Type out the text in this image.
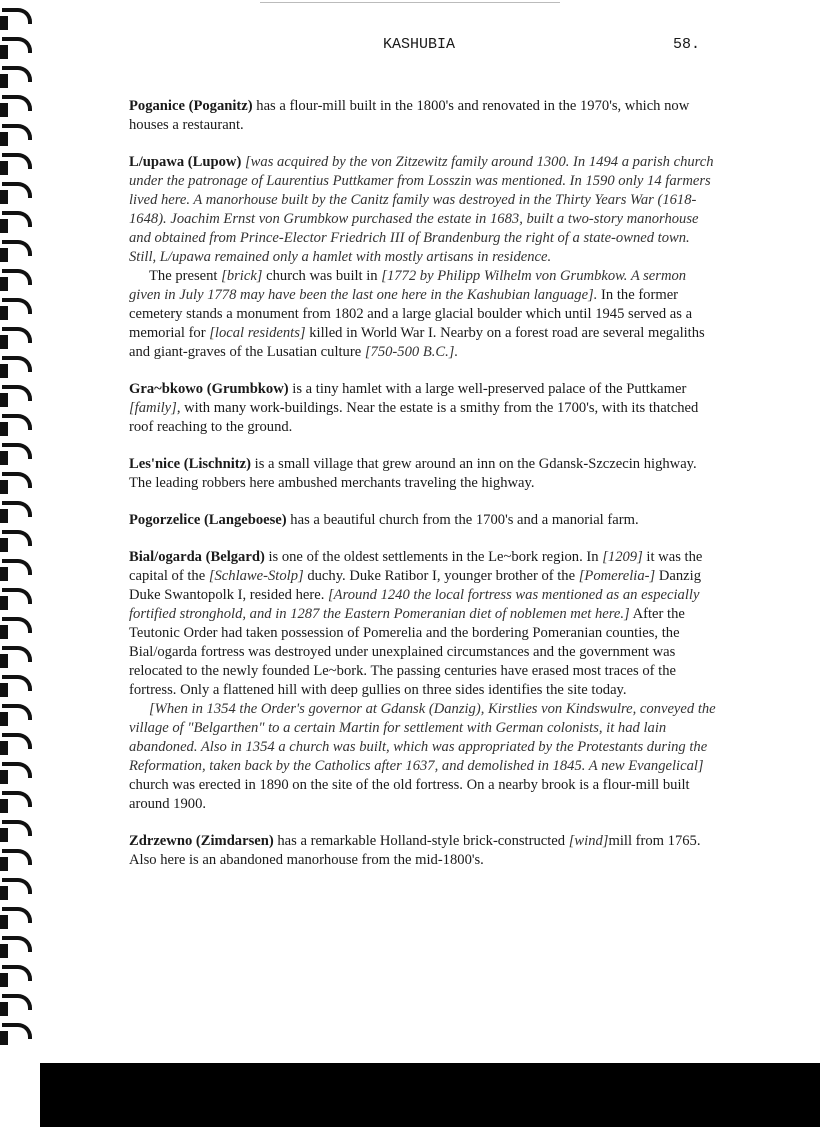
KASHUBIA	58.

Poganice (Poganitz) has a flour-mill built in the 1800's and renovated in the 1970's, which now houses a restaurant.

L/upawa (Lupow) [was acquired by the von Zitzewitz family around 1300. In 1494 a parish church under the patronage of Laurentius Puttkamer from Losszin was mentioned. In 1590 only 14 farmers lived here. A manorhouse built by the Canitz family was destroyed in the Thirty Years War (1618-1648). Joachim Ernst von Grumbkow purchased the estate in 1683, built a two-story manorhouse and obtained from Prince-Elector Friedrich III of Brandenburg the right of a state-owned town. Still, L/upawa remained only a hamlet with mostly artisans in residence.

The present [brick] church was built in [1772 by Philipp Wilhelm von Grumbkow. A sermon given in July 1778 may have been the last one here in the Kashubian language]. In the former cemetery stands a monument from 1802 and a large glacial boulder which until 1945 served as a memorial for [local residents] killed in World War I. Nearby on a forest road are several megaliths and giant-graves of the Lusatian culture [750-500 B.C.].

Gra~bkowo (Grumbkow) is a tiny hamlet with a large well-preserved palace of the Puttkamer [family], with many work-buildings. Near the estate is a smithy from the 1700's, with its thatched roof reaching to the ground.

Les'nice (Lischnitz) is a small village that grew around an inn on the Gdansk-Szczecin highway. The leading robbers here ambushed merchants traveling the highway.

Pogorzelice (Langeboese) has a beautiful church from the 1700's and a manorial farm.

Bial/ogarda (Belgard) is one of the oldest settlements in the Le~bork region. In [1209] it was the capital of the [Schlawe-Stolp] duchy. Duke Ratibor I, younger brother of the [Pomerelia-] Danzig Duke Swantopolk I, resided here. [Around 1240 the local fortress was mentioned as an especially fortified stronghold, and in 1287 the Eastern Pomeranian diet of noblemen met here.] After the Teutonic Order had taken possession of Pomerelia and the bordering Pomeranian counties, the Bial/ogarda fortress was destroyed under unexplained circumstances and the government was relocated to the newly founded Le~bork. The passing centuries have erased most traces of the fortress. Only a flattened hill with deep gullies on three sides identifies the site today.

[When in 1354 the Order's governor at Gdansk (Danzig), Kirstlies von Kindswulre, conveyed the village of "Belgarthen" to a certain Martin for settlement with German colonists, it had lain abandoned. Also in 1354 a church was built, which was appropriated by the Protestants during the Reformation, taken back by the Catholics after 1637, and demolished in 1845. A new Evangelical] church was erected in 1890 on the site of the old fortress. On a nearby brook is a flour-mill built around 1900.

Zdrzewno (Zimdarsen) has a remarkable Holland-style brick-constructed [wind]mill from 1765. Also here is an abandoned manorhouse from the mid-1800's.
